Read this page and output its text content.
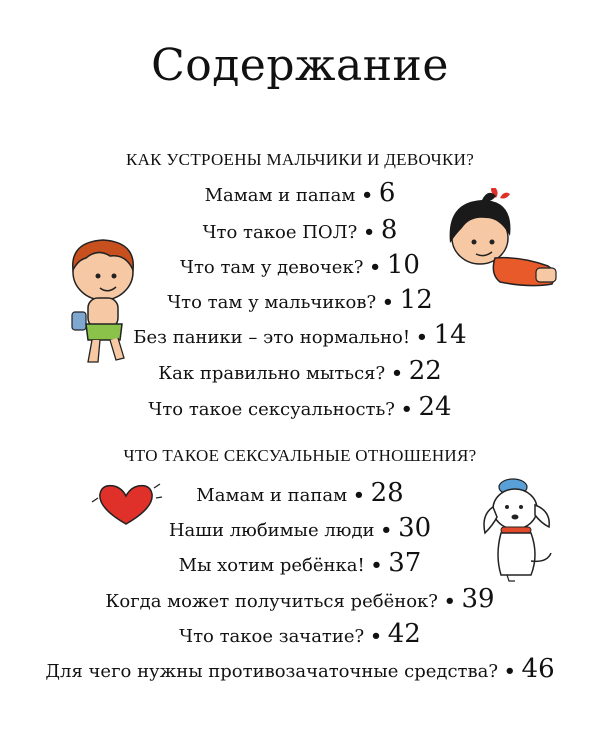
Содержание
КАК УСТРОЕНЫ МАЛЬЧИКИ И ДЕВОЧКИ?
Мамам и папам • 6
Что такое ПОЛ? • 8
Что там у девочек? • 10
Что там у мальчиков? • 12
Без паники – это нормально! • 14
Как правильно мыться? • 22
Что такое сексуальность? • 24
ЧТО ТАКОЕ СЕКСУАЛЬНЫЕ ОТНОШЕНИЯ?
Мамам и папам • 28
Наши любимые люди • 30
Мы хотим ребёнка! • 37
Когда может получиться ребёнок? • 39
Что такое зачатие? • 42
Для чего нужны противозачаточные средства? • 46
